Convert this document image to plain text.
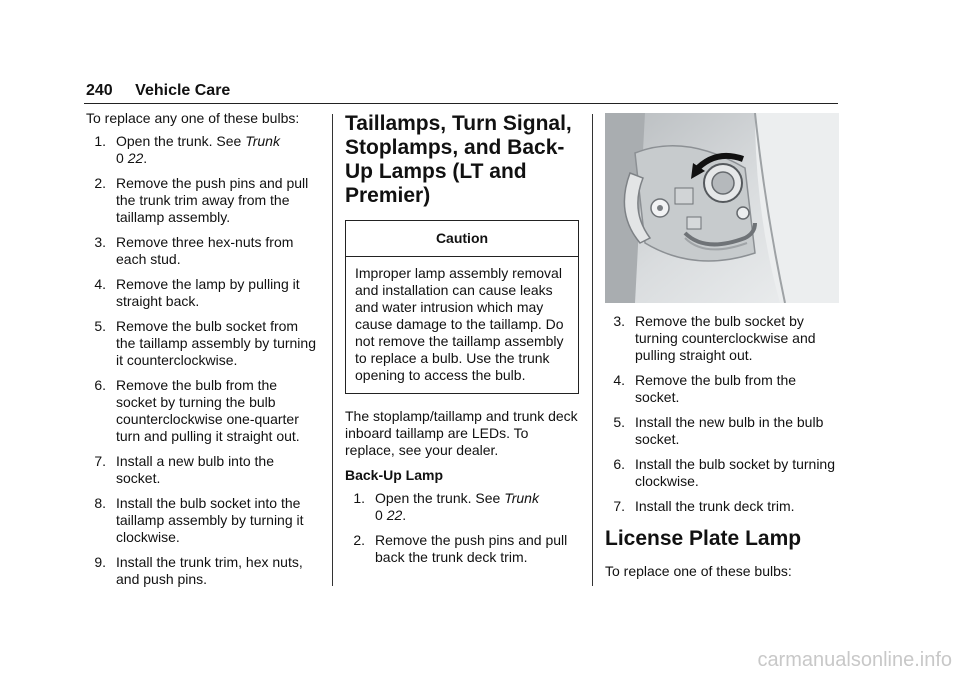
240 Vehicle Care

To replace any one of these bulbs:

1. Open the trunk. See Trunk
0 22.
2. Remove the push pins and pull the trunk trim away from the taillamp assembly.
3. Remove three hex-nuts from each stud.
4. Remove the lamp by pulling it straight back.
5. Remove the bulb socket from the taillamp assembly by turning it counterclockwise.
6. Remove the bulb from the socket by turning the bulb counterclockwise one-quarter turn and pulling it straight out.
7. Install a new bulb into the socket.
8. Install the bulb socket into the taillamp assembly by turning it clockwise.
9. Install the trunk trim, hex nuts, and push pins.
Taillamps, Turn Signal, Stoplamps, and Back-Up Lamps (LT and Premier)
Caution
Improper lamp assembly removal and installation can cause leaks and water intrusion which may cause damage to the taillamp. Do not remove the taillamp assembly to replace a bulb. Use the trunk opening to access the bulb.

The stoplamp/taillamp and trunk deck inboard taillamp are LEDs. To replace, see your dealer.

Back-Up Lamp
1. Open the trunk. See Trunk
0 22.
2. Remove the push pins and pull back the trunk deck trim.
3. Remove the bulb socket by turning counterclockwise and pulling straight out.
4. Remove the bulb from the socket.
5. Install the new bulb in the bulb socket.
6. Install the bulb socket by turning clockwise.
7. Install the trunk deck trim.
License Plate Lamp

To replace one of these bulbs:

carmanualsonline.info
